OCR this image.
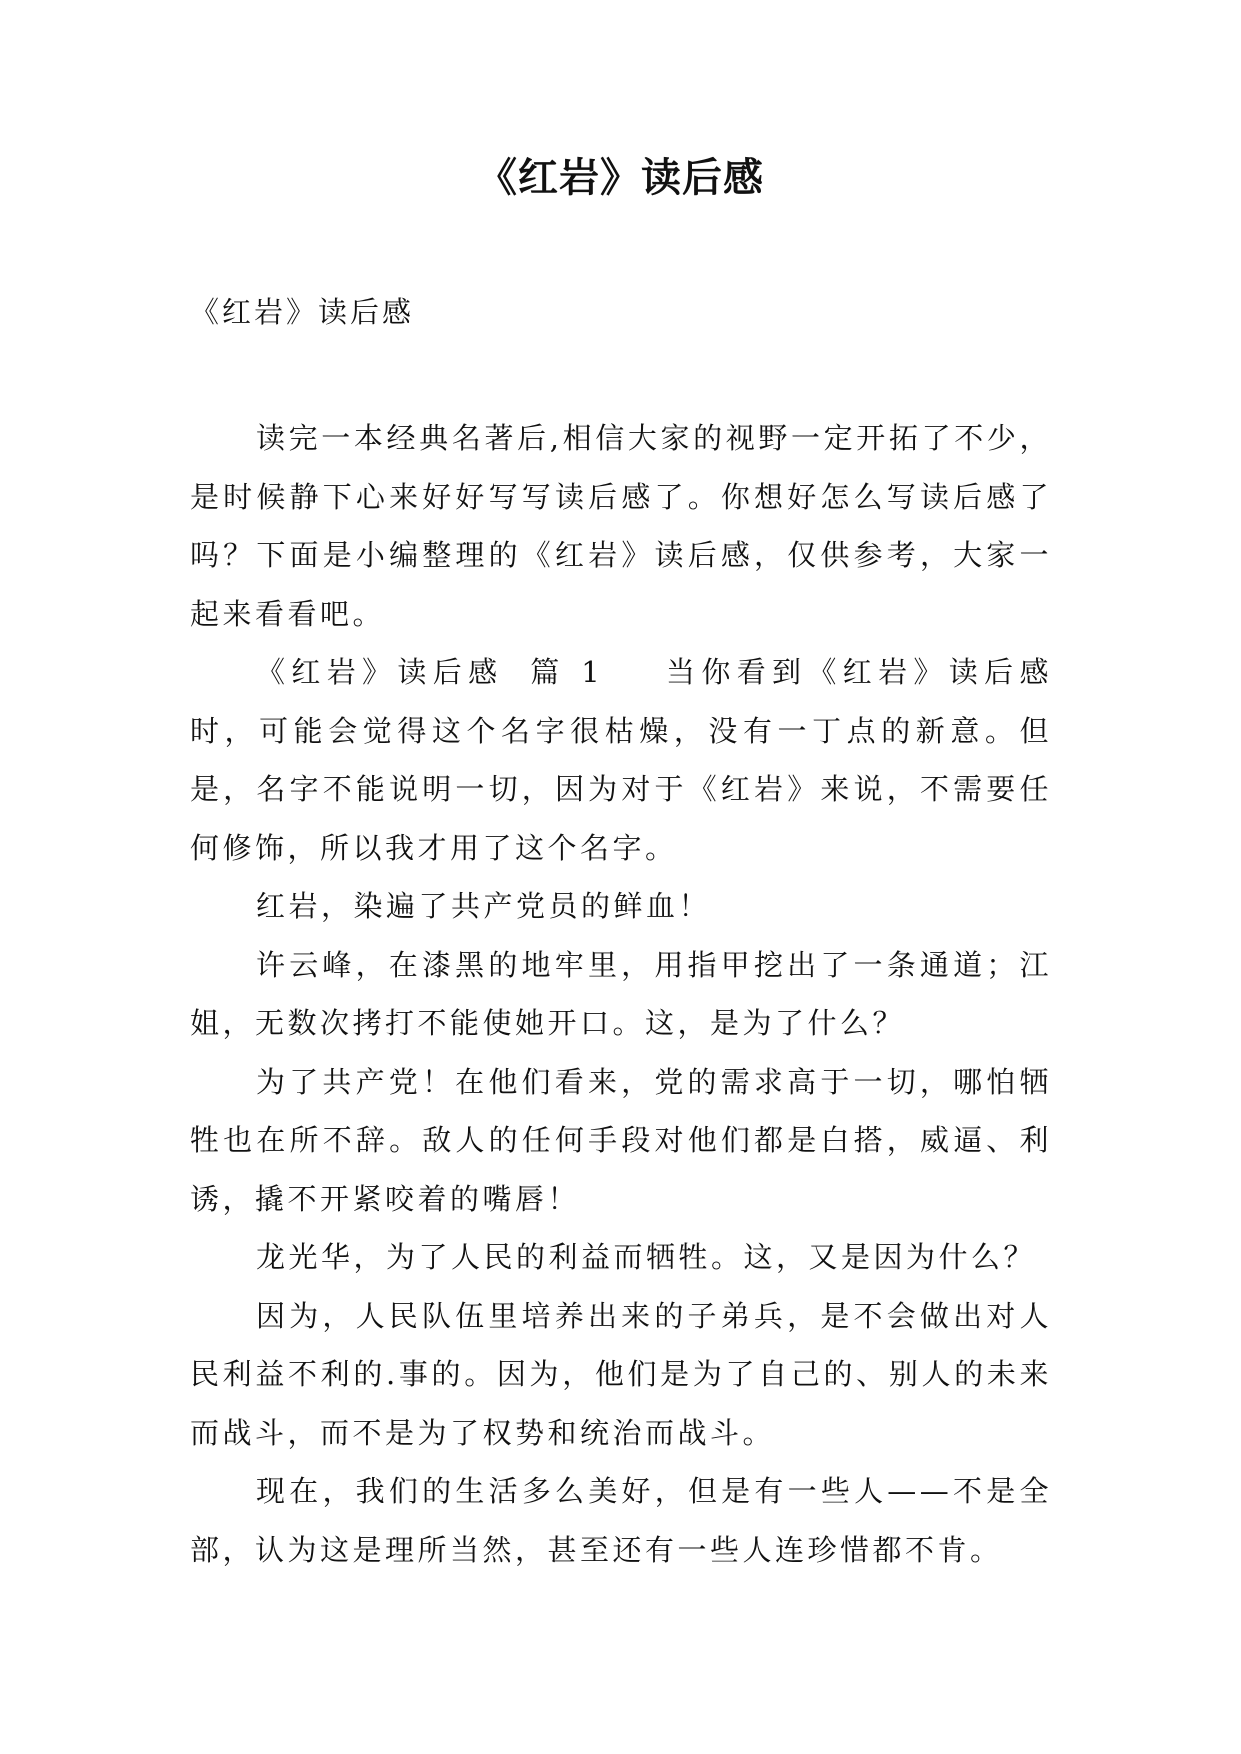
《红岩》读后感

《红岩》读后感

读完一本经典名著后,相信大家的视野一定开拓了不少，是时候静下心来好好写写读后感了。你想好怎么写读后感了吗？下面是小编整理的《红岩》读后感，仅供参考，大家一起来看看吧。

《红岩》读后感 篇 1 当你看到《红岩》读后感时，可能会觉得这个名字很枯燥，没有一丁点的新意。但是，名字不能说明一切，因为对于《红岩》来说，不需要任何修饰，所以我才用了这个名字。

红岩，染遍了共产党员的鲜血！

许云峰，在漆黑的地牢里，用指甲挖出了一条通道；江姐，无数次拷打不能使她开口。这，是为了什么？

为了共产党！在他们看来，党的需求高于一切，哪怕牺牲也在所不辞。敌人的任何手段对他们都是白搭，威逼、利诱，撬不开紧咬着的嘴唇！

龙光华，为了人民的利益而牺牲。这，又是因为什么？

因为，人民队伍里培养出来的子弟兵，是不会做出对人民利益不利的.事的。因为，他们是为了自己的、别人的未来而战斗，而不是为了权势和统治而战斗。

现在，我们的生活多么美好，但是有一些人——不是全部，认为这是理所当然，甚至还有一些人连珍惜都不肯。
